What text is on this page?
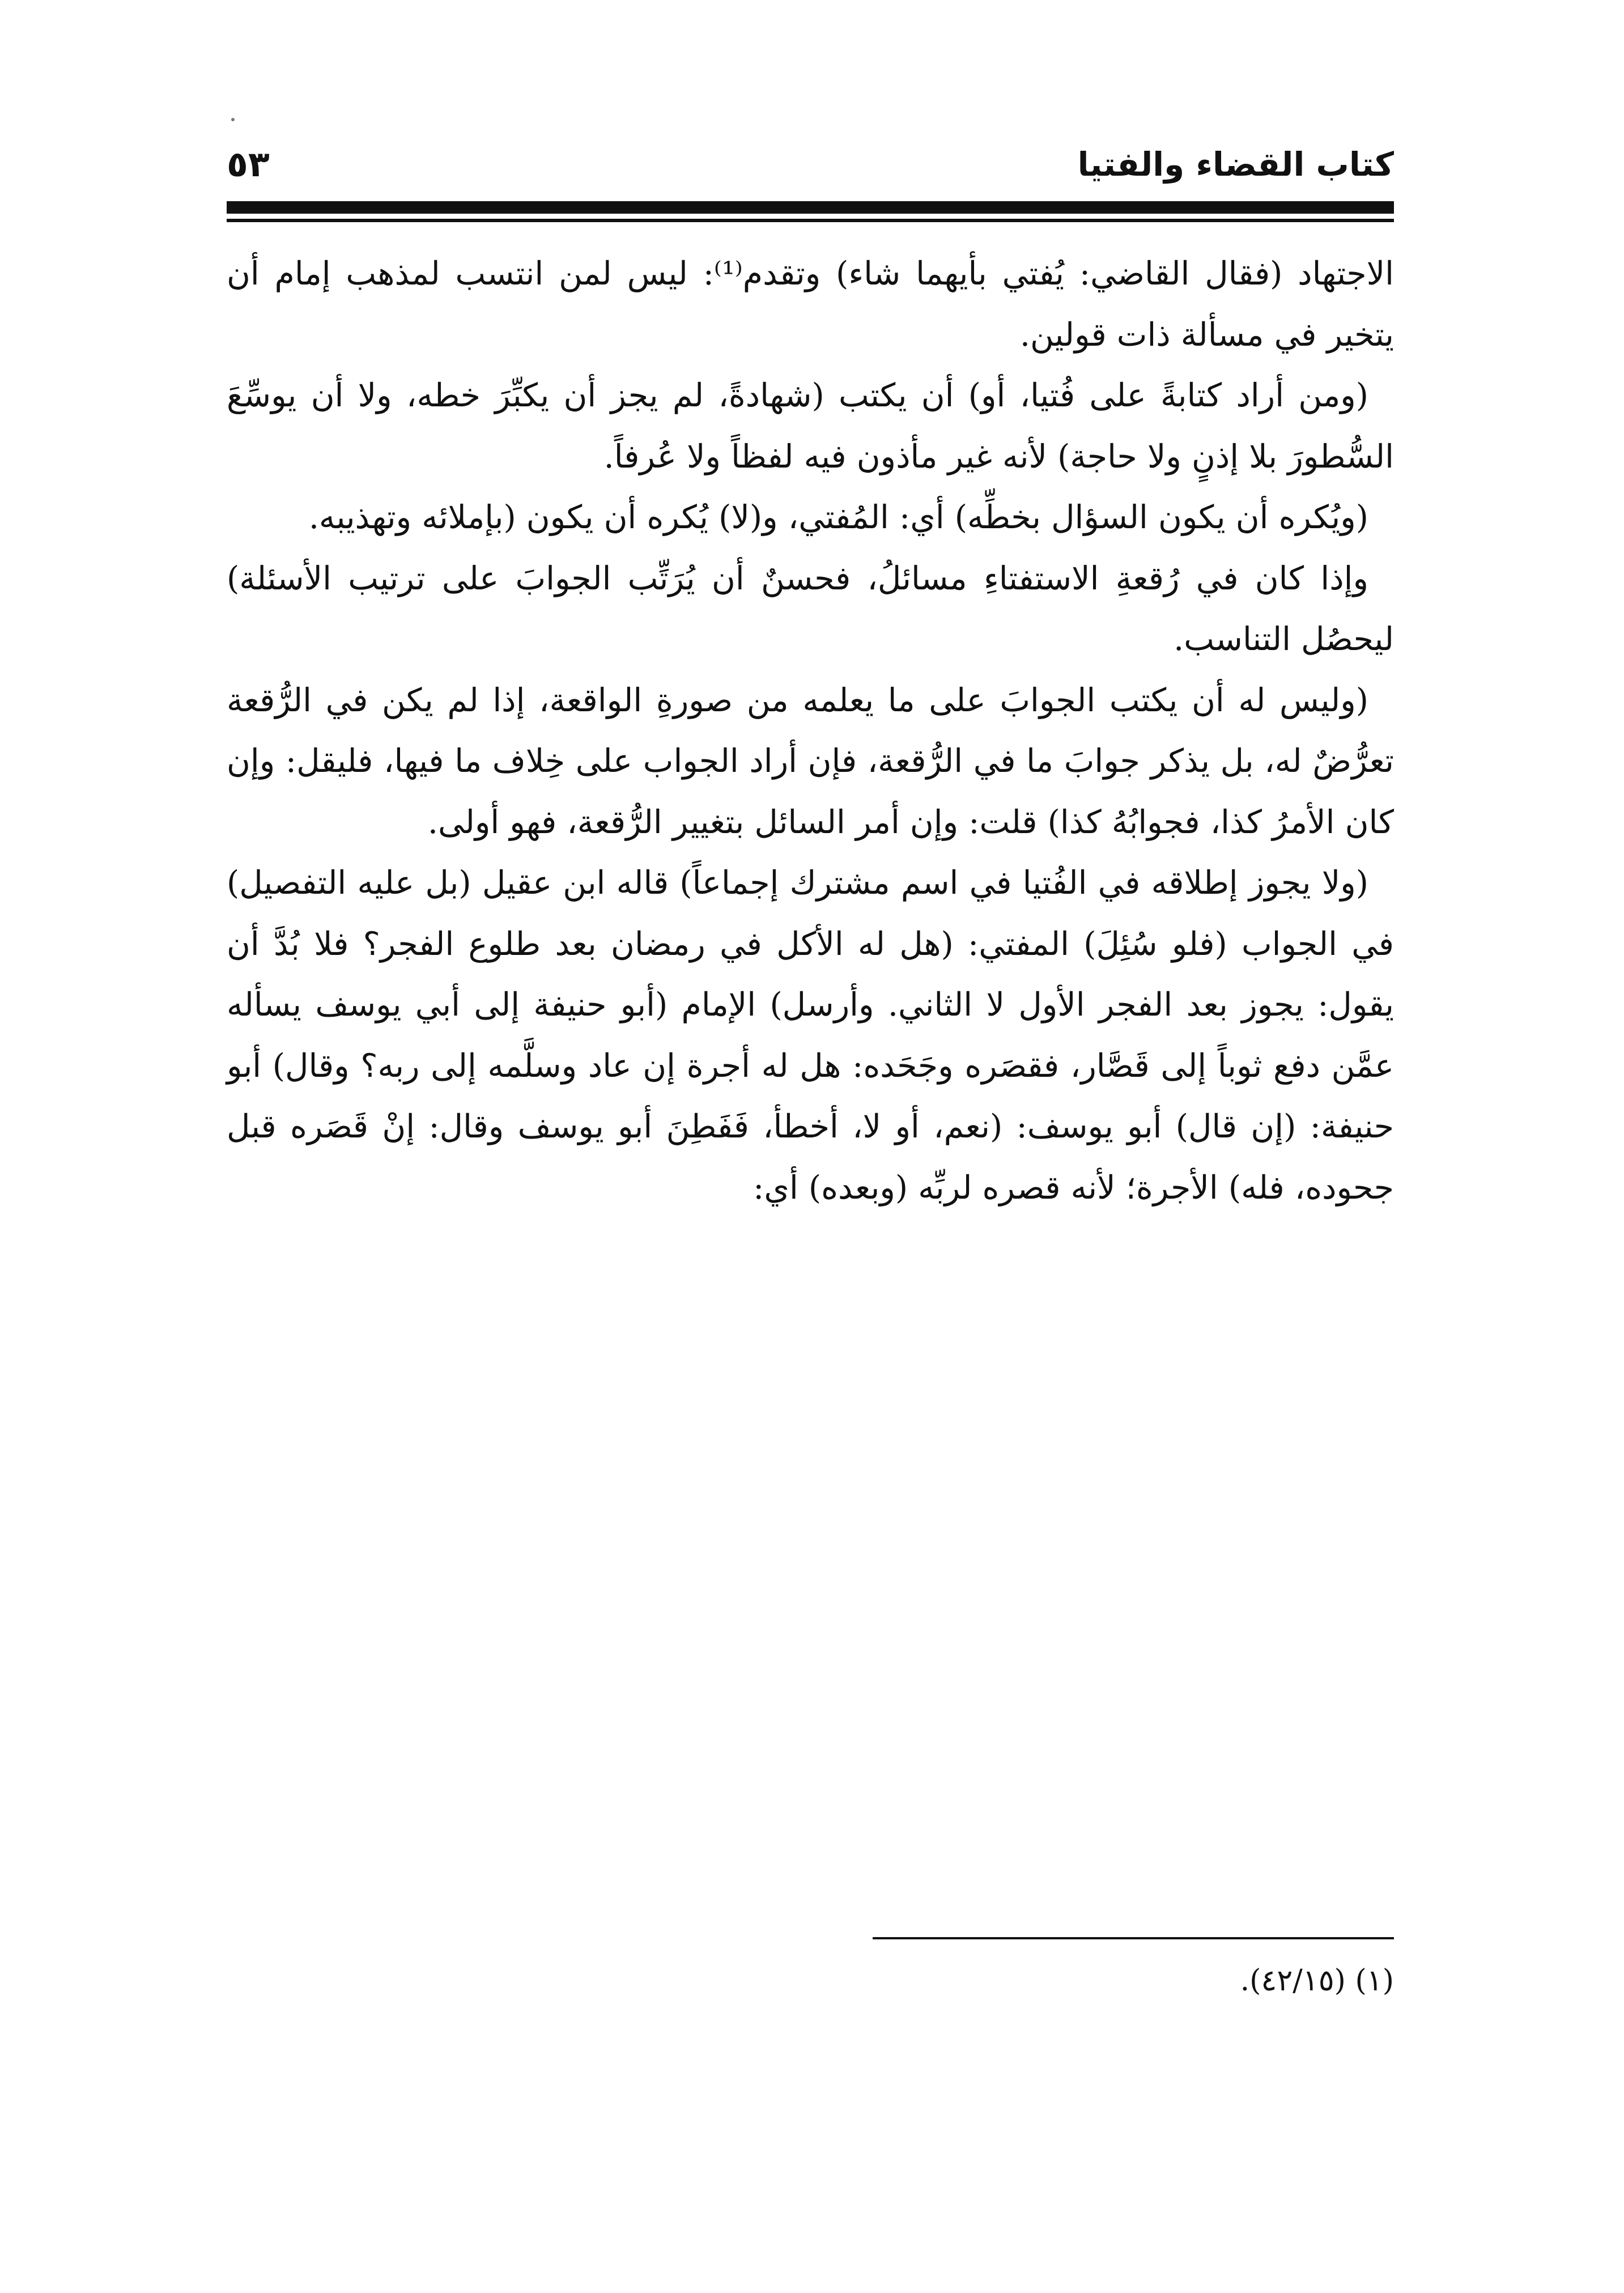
كتاب القضاء والفتيا
٥٣

الاجتهاد (فقال القاضي: يُفتي بأيهما شاء) وتقدم⁽¹⁾: ليس لمن انتسب لمذهب إمام أن يتخير في مسألة ذات قولين.

(ومن أراد كتابةً على فُتيا، أو) أن يكتب (شهادةً، لم يجز أن يكبِّرَ خطه، ولا أن يوسِّعَ السُّطورَ بلا إذنٍ ولا حاجة) لأنه غير مأذون فيه لفظاً ولا عُرفاً.

(ويُكره أن يكون السؤال بخطِّه) أي: المُفتي، و(لا) يُكره أن يكون (بإملائه وتهذيبه.

وإذا كان في رُقعةِ الاستفتاءِ مسائلُ، فحسنٌ أن يُرَتِّب الجوابَ على ترتيب الأسئلة) ليحصُل التناسب.

(وليس له أن يكتب الجوابَ على ما يعلمه من صورةِ الواقعة، إذا لم يكن في الرُّقعة تعرُّضٌ له، بل يذكر جوابَ ما في الرُّقعة، فإن أراد الجواب على خِلاف ما فيها، فليقل: وإن كان الأمرُ كذا، فجوابُهُ كذا) قلت: وإن أمر السائل بتغيير الرُّقعة، فهو أولى.

(ولا يجوز إطلاقه في الفُتيا في اسم مشترك إجماعاً) قاله ابن عقيل (بل عليه التفصيل) في الجواب (فلو سُئِلَ) المفتي: (هل له الأكل في رمضان بعد طلوع الفجر؟ فلا بُدَّ أن يقول: يجوز بعد الفجر الأول لا الثاني. وأرسل) الإمام (أبو حنيفة إلى أبي يوسف يسأله عمَّن دفع ثوباً إلى قَصَّار، فقصَره وجَحَده: هل له أجرة إن عاد وسلَّمه إلى ربه؟ وقال) أبو حنيفة: (إن قال) أبو يوسف: (نعم، أو لا، أخطأ، فَفَطِنَ أبو يوسف وقال: إنْ قَصَره قبل جحوده، فله) الأجرة؛ لأنه قصره لربِّه (وبعده) أي:

(١) (٤٢/١٥).
